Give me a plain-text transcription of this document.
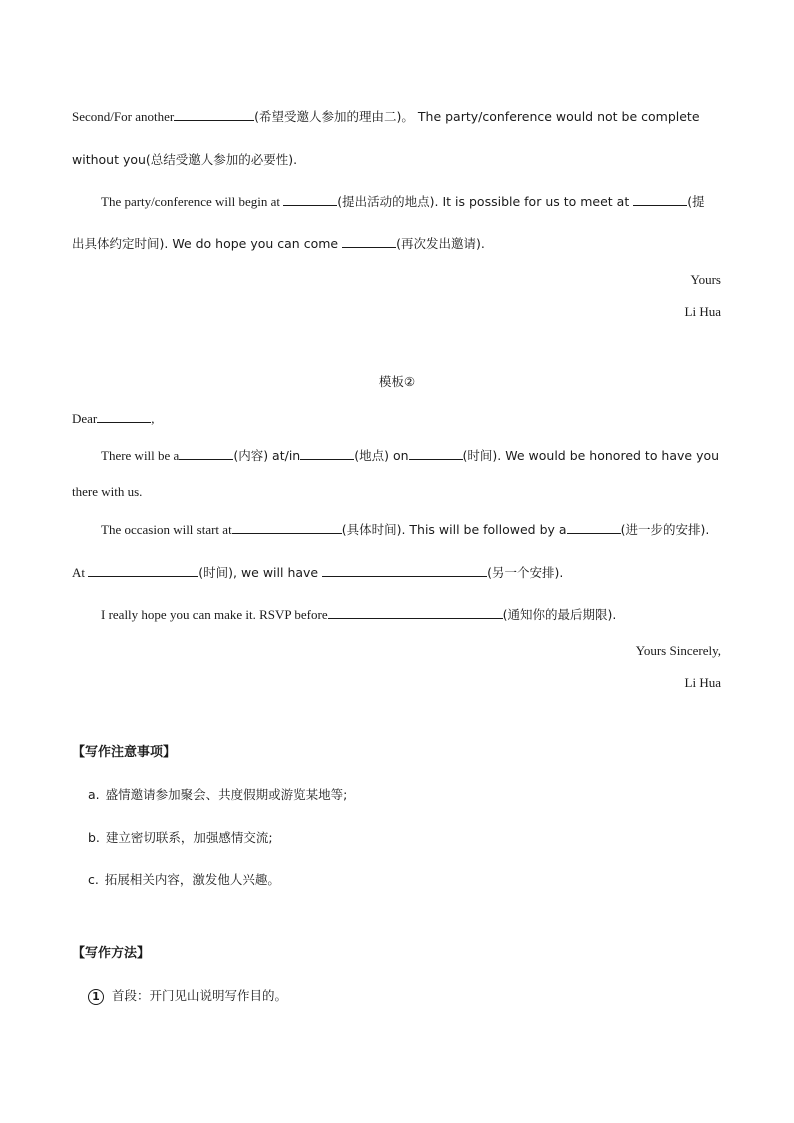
Second/For another	(希望受邀人参加的理由二)。 The party/conference would not be complete
without you(总结受邀人参加的必要性).
The party/conference will begin at	(提出活动的地点). It is possible for us to meet at	(提
出具体约定时间). We do hope you can come	(再次发出邀请).
Yours
Li Hua
模板②
Dear	,
There will be a	(内容) at/in	(地点) on	(时间). We would be honored to have you
there with us.
The occasion will start at	(具体时间). This will be followed by a	(进一步的安排).
At	(时间), we will have	(另一个安排).
I really hope you can make it. RSVP before	(通知你的最后期限).
Yours Sincerely,
Li Hua
【写作注意事项】
a. 盛情邀请参加聚会、共度假期或游览某地等;
b. 建立密切联系，加强感情交流;
c. 拓展相关内容，激发他人兴趣。
【写作方法】
1 首段：开门见山说明写作目的。
